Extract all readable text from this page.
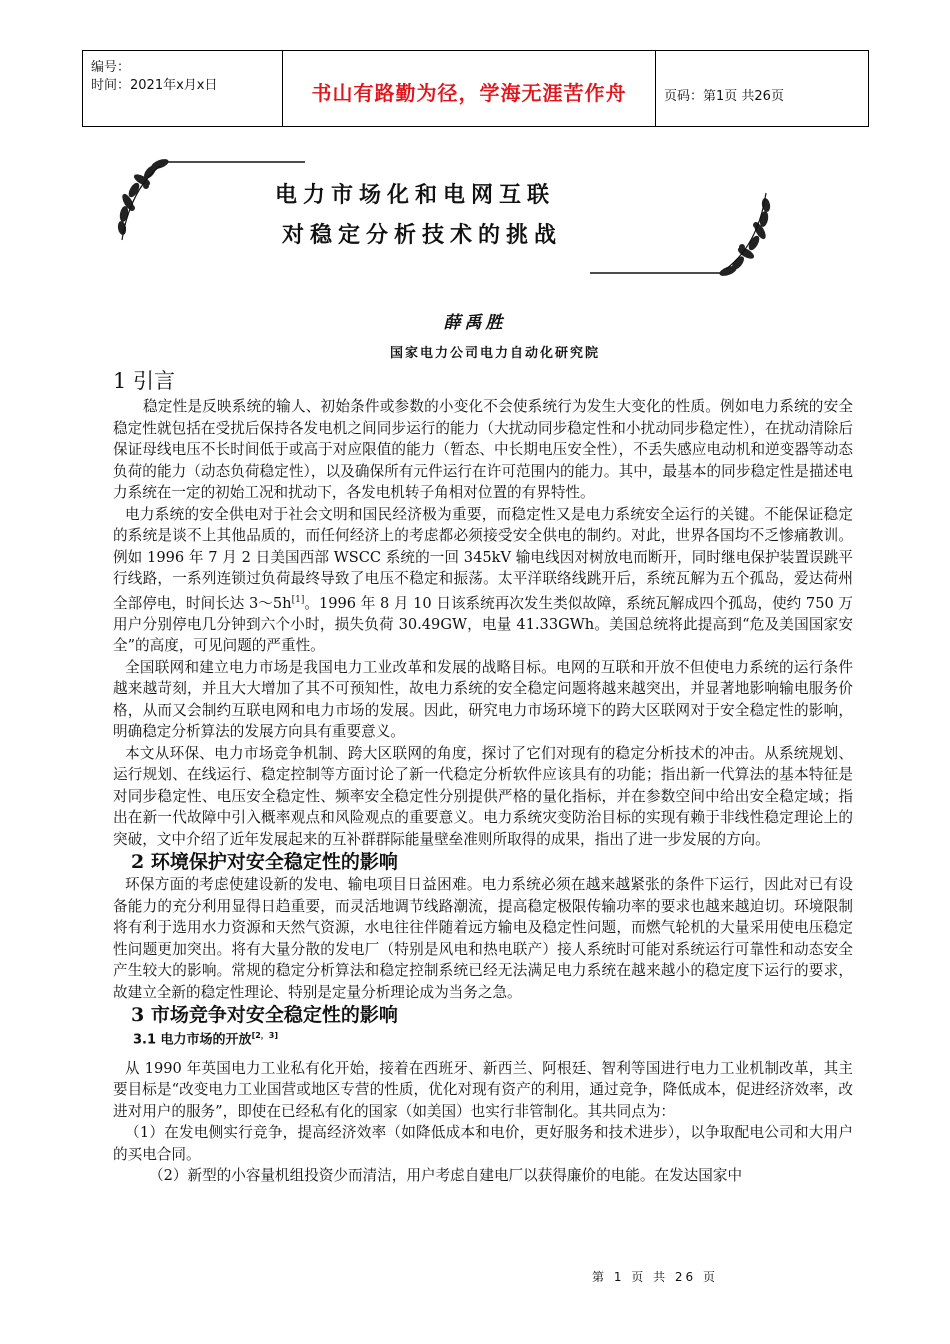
编号：
时间：2021年x月x日	书山有路勤为径，学海无涯苦作舟	页码：第1页 共26页
电力市场化和电网互联
对稳定分析技术的挑战
薛禹胜
国家电力公司电力自动化研究院
1 引言

稳定性是反映系统的输人、初始条件或参数的小变化不会使系统行为发生大变化的性质。例如电力系统的安全稳定性就包括在受扰后保持各发电机之间同步运行的能力（大扰动同步稳定性和小扰动同步稳定性），在扰动清除后保证母线电压不长时间低于或高于对应限值的能力（暂态、中长期电压安全性），不丢失感应电动机和逆变器等动态负荷的能力（动态负荷稳定性），以及确保所有元件运行在许可范围内的能力。其中，最基本的同步稳定性是描述电力系统在一定的初始工况和扰动下，各发电机转子角相对位置的有界特性。

电力系统的安全供电对于社会文明和国民经济极为重要，而稳定性又是电力系统安全运行的关键。不能保证稳定的系统是谈不上其他品质的，而任何经济上的考虑都必须接受安全供电的制约。对此，世界各国均不乏惨痛教训。例如 1996 年 7 月 2 日美国西部 WSCC 系统的一回 345kV 输电线因对树放电而断开，同时继电保护装置误跳平行线路，一系列连锁过负荷最终导致了电压不稳定和振荡。太平洋联络线跳开后，系统瓦解为五个孤岛，爱达荷州全部停电，时间长达 3～5h[1]。1996 年 8 月 10 日该系统再次发生类似故障，系统瓦解成四个孤岛，使约 750 万用户分别停电几分钟到六个小时，损失负荷 30.49GW，电量 41.33GWh。美国总统将此提高到“危及美国国家安全”的高度，可见问题的严重性。

全国联网和建立电力市场是我国电力工业改革和发展的战略目标。电网的互联和开放不但使电力系统的运行条件越来越苛刻，并且大大增加了其不可预知性，故电力系统的安全稳定问题将越来越突出，并显著地影响输电服务价格，从而又会制约互联电网和电力市场的发展。因此，研究电力市场环境下的跨大区联网对于安全稳定性的影响，明确稳定分析算法的发展方向具有重要意义。

本文从环保、电力市场竞争机制、跨大区联网的角度，探讨了它们对现有的稳定分析技术的冲击。从系统规划、运行规划、在线运行、稳定控制等方面讨论了新一代稳定分析软件应该具有的功能；指出新一代算法的基本特征是对同步稳定性、电压安全稳定性、频率安全稳定性分别提供严格的量化指标，并在参数空间中给出安全稳定域；指出在新一代故障中引入概率观点和风险观点的重要意义。电力系统灾变防治目标的实现有赖于非线性稳定理论上的突破，文中介绍了近年发展起来的互补群群际能量壁垒准则所取得的成果，指出了进一步发展的方向。

2 环境保护对安全稳定性的影响

环保方面的考虑使建设新的发电、输电项目日益困难。电力系统必须在越来越紧张的条件下运行，因此对已有设备能力的充分利用显得日趋重要，而灵活地调节线路潮流，提高稳定极限传输功率的要求也越来越迫切。环境限制将有利于选用水力资源和天然气资源，水电往往伴随着远方输电及稳定性问题，而燃气轮机的大量采用使电压稳定性问题更加突出。将有大量分散的发电厂（特别是风电和热电联产）接人系统时可能对系统运行可靠性和动态安全产生较大的影响。常规的稳定分析算法和稳定控制系统已经无法满足电力系统在越来越小的稳定度下运行的要求，故建立全新的稳定性理论、特别是定量分析理论成为当务之急。

3 市场竞争对安全稳定性的影响
3.1 电力市场的开放[2，3]

从 1990 年英国电力工业私有化开始，接着在西班牙、新西兰、阿根廷、智利等国进行电力工业机制改革，其主要目标是“改变电力工业国营或地区专营的性质，优化对现有资产的利用，通过竞争，降低成本，促进经济效率，改进对用户的服务”，即使在已经私有化的国家（如美国）也实行非管制化。其共同点为：

（1）在发电侧实行竞争，提高经济效率（如降低成本和电价，更好服务和技术进步），以争取配电公司和大用户的买电合同。

（2）新型的小容量机组投资少而清洁，用户考虑自建电厂以获得廉价的电能。在发达国家中

第 1 页 共 26 页
